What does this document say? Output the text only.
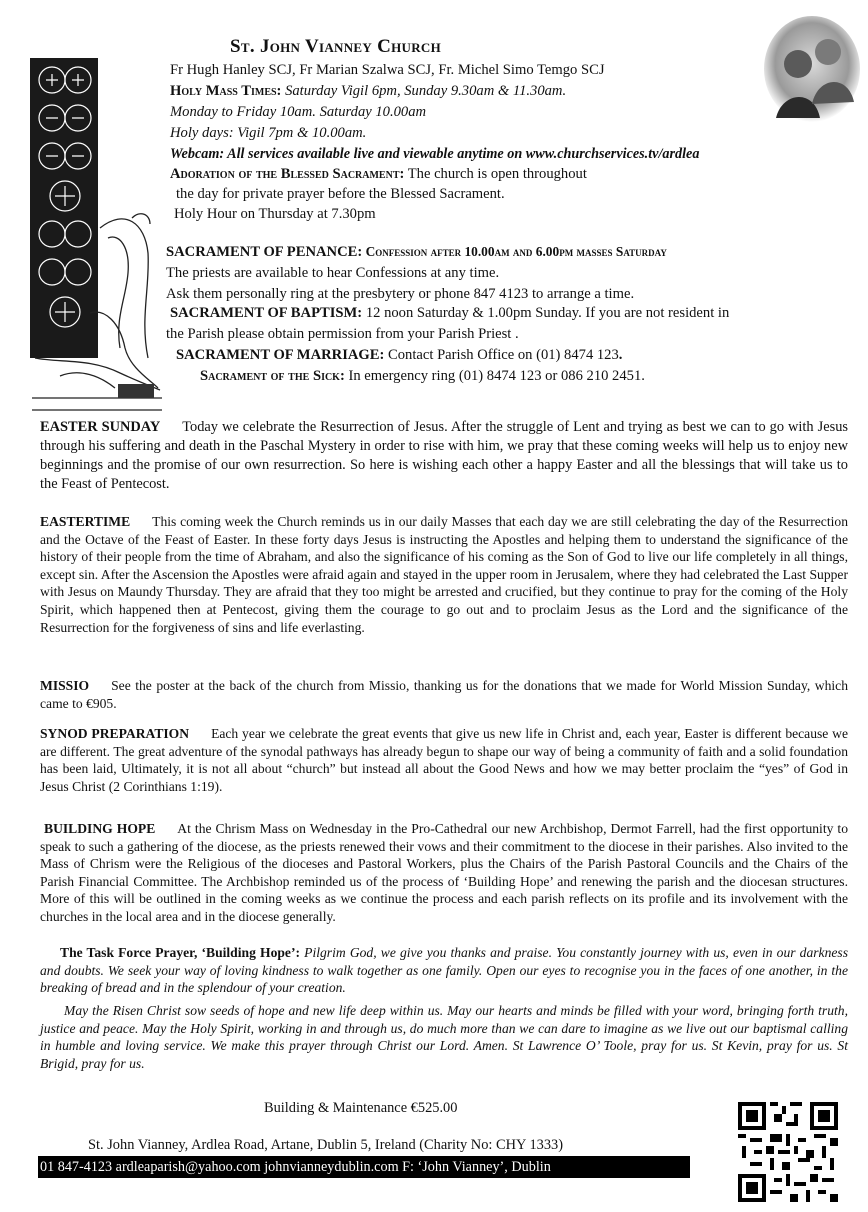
St. John Vianney Church
Fr Hugh Hanley SCJ, Fr Marian Szalwa SCJ, Fr. Michel Simo Temgo SCJ
Holy Mass Times: Saturday Vigil 6pm, Sunday 9.30am & 11.30am.
Monday to Friday 10am. Saturday 10.00am
Holy days: Vigil 7pm & 10.00am.
Webcam: All services available live and viewable anytime on www.churchservices.tv/ardlea
Adoration of the Blessed Sacrament: The church is open throughout
the day for private prayer before the Blessed Sacrament.
Holy Hour on Thursday at 7.30pm
SACRAMENT OF PENANCE: Confession after 10.00am and 6.00pm masses Saturday
The priests are available to hear Confessions at any time.
Ask them personally ring at the presbytery or phone 847 4123 to arrange a time.
SACRAMENT OF BAPTISM: 12 noon Saturday & 1.00pm Sunday. If you are not resident in
the Parish please obtain permission from your Parish Priest .
SACRAMENT OF MARRIAGE: Contact Parish Office on (01) 8474 123.
Sacrament of the Sick: In emergency ring (01) 8474 123 or 086 210 2451.
EASTER SUNDAY Today we celebrate the Resurrection of Jesus. After the struggle of Lent and trying as best we can to go with Jesus through his suffering and death in the Paschal Mystery in order to rise with him, we pray that these coming weeks will help us to enjoy new beginnings and the promise of our own resurrection. So here is wishing each other a happy Easter and all the blessings that will take us to the Feast of Pentecost.
EASTERTIME This coming week the Church reminds us in our daily Masses that each day we are still celebrating the day of the Resurrection and the Octave of the Feast of Easter. In these forty days Jesus is instructing the Apostles and helping them to understand the significance of the history of their people from the time of Abraham, and also the significance of his coming as the Son of God to live our life completely in all things, except sin. After the Ascension the Apostles were afraid again and stayed in the upper room in Jerusalem, where they had celebrated the Last Supper with Jesus on Maundy Thursday. They are afraid that they too might be arrested and crucified, but they continue to pray for the coming of the Holy Spirit, which happened then at Pentecost, giving them the courage to go out and to proclaim Jesus as the Lord and the significance of the Resurrection for the forgiveness of sins and life everlasting.
MISSIO See the poster at the back of the church from Missio, thanking us for the donations that we made for World Mission Sunday, which came to €905.
SYNOD PREPARATION Each year we celebrate the great events that give us new life in Christ and, each year, Easter is different because we are different. The great adventure of the synodal pathways has already begun to shape our way of being a community of faith and a solid foundation has been laid, Ultimately, it is not all about “church” but instead all about the Good News and how we may better proclaim the “yes” of God in Jesus Christ (2 Corinthians 1:19).
BUILDING HOPE At the Chrism Mass on Wednesday in the Pro-Cathedral our new Archbishop, Dermot Farrell, had the first opportunity to speak to such a gathering of the diocese, as the priests renewed their vows and their commitment to the diocese in their parishes. Also invited to the Mass of Chrism were the Religious of the dioceses and Pastoral Workers, plus the Chairs of the Parish Pastoral Councils and the Chairs of the Parish Financial Committee. The Archbishop reminded us of the process of ‘Building Hope’ and renewing the parish and the diocesan structures. More of this will be outlined in the coming weeks as we continue the process and each parish reflects on its profile and its involvement with the churches in the local area and in the diocese generally.
The Task Force Prayer, ‘Building Hope’: Pilgrim God, we give you thanks and praise. You constantly journey with us, even in our darkness and doubts. We seek your way of loving kindness to walk together as one family. Open our eyes to recognise you in the faces of one another, in the breaking of bread and in the splendour of your creation.
May the Risen Christ sow seeds of hope and new life deep within us. May our hearts and minds be filled with your word, bringing forth truth, justice and peace. May the Holy Spirit, working in and through us, do much more than we can dare to imagine as we live out our baptismal calling in humble and loving service. We make this prayer through Christ our Lord. Amen. St Lawrence O’ Toole, pray for us. St Kevin, pray for us. St Brigid, pray for us.
Building & Maintenance €525.00
St. John Vianney, Ardlea Road, Artane, Dublin 5, Ireland (Charity No: CHY 1333)
01 847-4123 ardleaparish@yahoo.com johnvianneydublin.com F: ‘John Vianney’, Dublin
